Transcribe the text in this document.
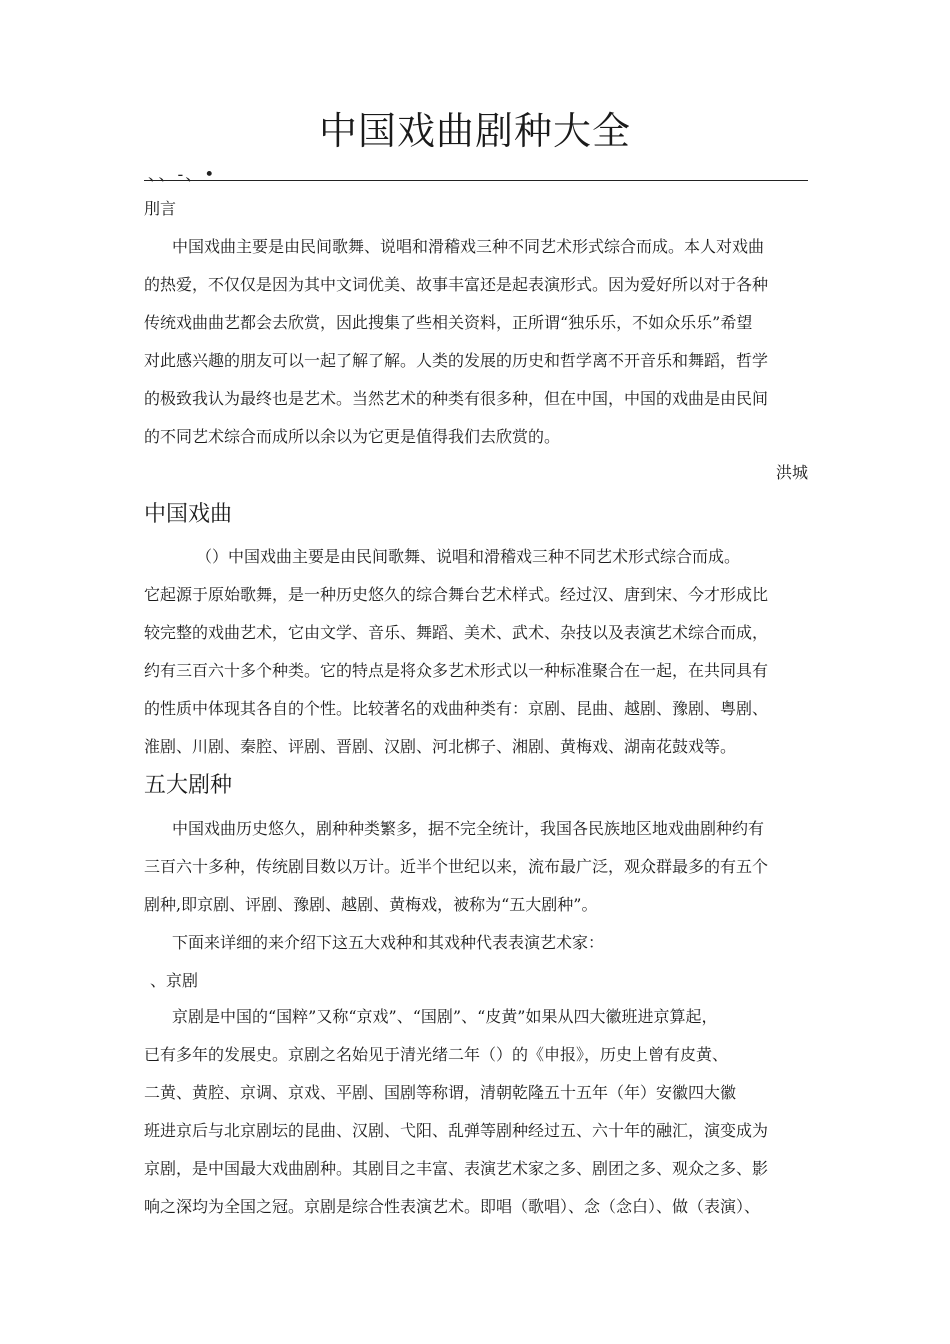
中国戏曲剧种大全
、、-、•
刖言
中国戏曲主要是由民间歌舞、说唱和滑稽戏三种不同艺术形式综合而成。本人对戏曲
的热爱，不仅仅是因为其中文词优美、故事丰富还是起表演形式。因为爱好所以对于各种
传统戏曲曲艺都会去欣赏，因此搜集了些相关资料，正所谓“独乐乐，不如众乐乐”希望
对此感兴趣的朋友可以一起了解了解。人类的发展的历史和哲学离不开音乐和舞蹈，哲学
的极致我认为最终也是艺术。当然艺术的种类有很多种，但在中国，中国的戏曲是由民间
的不同艺术综合而成所以余以为它更是值得我们去欣赏的。
洪城
中国戏曲
（）中国戏曲主要是由民间歌舞、说唱和滑稽戏三种不同艺术形式综合而成。
它起源于原始歌舞，是一种历史悠久的综合舞台艺术样式。经过汉、唐到宋、今才形成比
较完整的戏曲艺术，它由文学、音乐、舞蹈、美术、武术、杂技以及表演艺术综合而成，
约有三百六十多个种类。它的特点是将众多艺术形式以一种标准聚合在一起，在共同具有
的性质中体现其各自的个性。比较著名的戏曲种类有：京剧、昆曲、越剧、豫剧、粤剧、
淮剧、川剧、秦腔、评剧、晋剧、汉剧、河北梆子、湘剧、黄梅戏、湖南花鼓戏等。
五大剧种
中国戏曲历史悠久，剧种种类繁多，据不完全统计，我国各民族地区地戏曲剧种约有
三百六十多种，传统剧目数以万计。近半个世纪以来，流布最广泛，观众群最多的有五个
剧种,即京剧、评剧、豫剧、越剧、黄梅戏，被称为“五大剧种”。
下面来详细的来介绍下这五大戏种和其戏种代表表演艺术家：
、京剧
京剧是中国的“国粹”又称“京戏”、“国剧”、“皮黄”如果从四大徽班进京算起，
已有多年的发展史。京剧之名始见于清光绪二年（）的《申报》，历史上曾有皮黄、
二黄、黄腔、京调、京戏、平剧、国剧等称谓，清朝乾隆五十五年（年）安徽四大徽
班进京后与北京剧坛的昆曲、汉剧、弋阳、乱弹等剧种经过五、六十年的融汇，演变成为
京剧，是中国最大戏曲剧种。其剧目之丰富、表演艺术家之多、剧团之多、观众之多、影
响之深均为全国之冠。京剧是综合性表演艺术。即唱（歌唱）、念（念白）、做（表演）、
